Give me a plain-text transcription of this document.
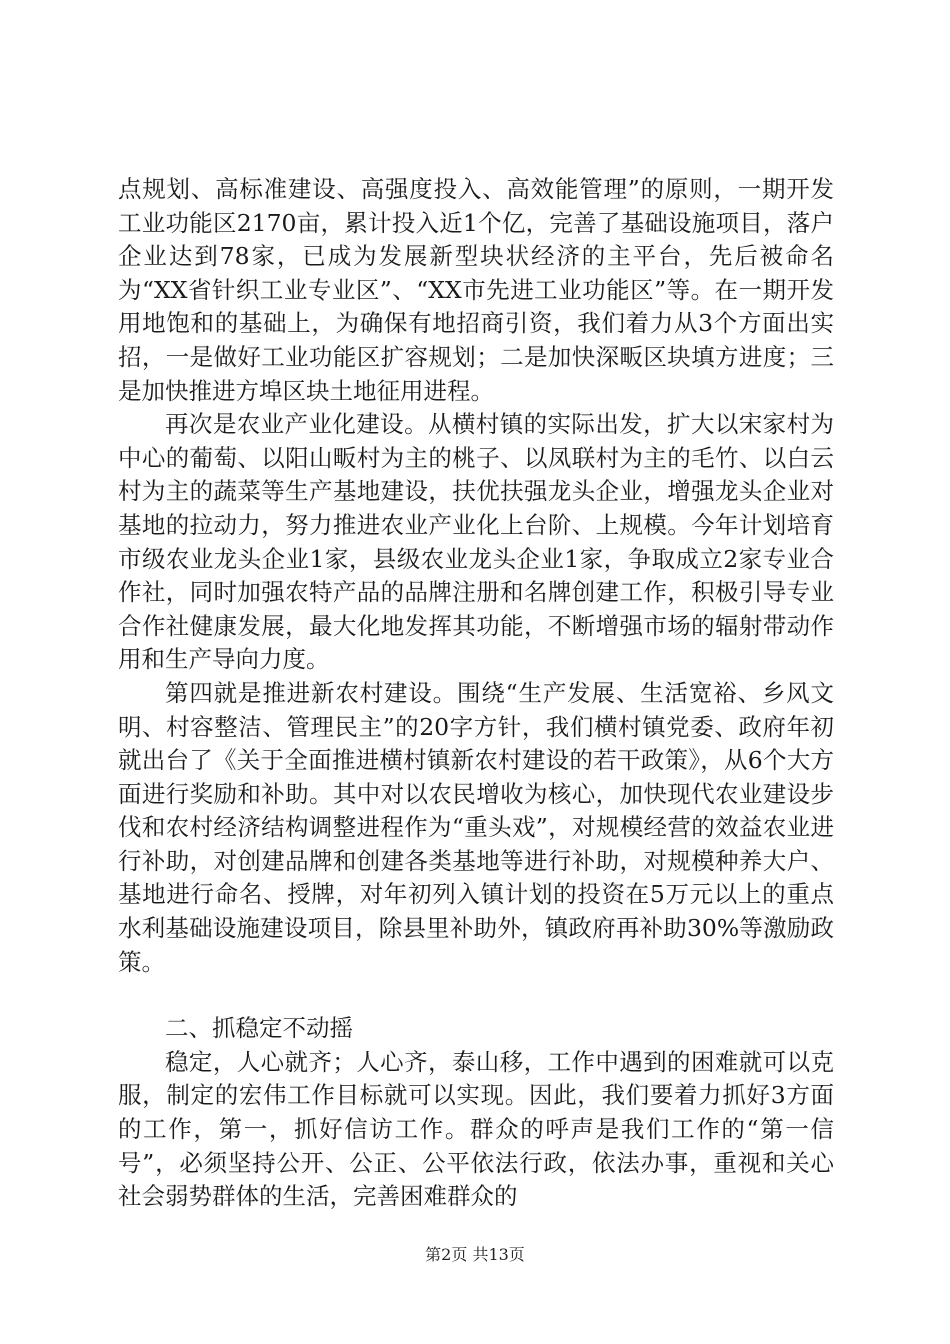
点规划、高标准建设、高强度投入、高效能管理”的原则，一期开发工业功能区2170亩，累计投入近1个亿，完善了基础设施项目，落户企业达到78家，已成为发展新型块状经济的主平台，先后被命名为“XX省针织工业专业区”、“XX市先进工业功能区”等。在一期开发用地饱和的基础上，为确保有地招商引资，我们着力从3个方面出实招，一是做好工业功能区扩容规划；二是加快深畈区块填方进度；三是加快推进方埠区块土地征用进程。

再次是农业产业化建设。从横村镇的实际出发，扩大以宋家村为中心的葡萄、以阳山畈村为主的桃子、以凤联村为主的毛竹、以白云村为主的蔬菜等生产基地建设，扶优扶强龙头企业，增强龙头企业对基地的拉动力，努力推进农业产业化上台阶、上规模。今年计划培育市级农业龙头企业1家，县级农业龙头企业1家，争取成立2家专业合作社，同时加强农特产品的品牌注册和名牌创建工作，积极引导专业合作社健康发展，最大化地发挥其功能，不断增强市场的辐射带动作用和生产导向力度。

第四就是推进新农村建设。围绕“生产发展、生活宽裕、乡风文明、村容整洁、管理民主”的20字方针，我们横村镇党委、政府年初就出台了《关于全面推进横村镇新农村建设的若干政策》，从6个大方面进行奖励和补助。其中对以农民增收为核心，加快现代农业建设步伐和农村经济结构调整进程作为“重头戏”，对规模经营的效益农业进行补助，对创建品牌和创建各类基地等进行补助，对规模种养大户、基地进行命名、授牌，对年初列入镇计划的投资在5万元以上的重点水利基础设施建设项目，除县里补助外，镇政府再补助30%等激励政策。

二、抓稳定不动摇

稳定，人心就齐；人心齐，泰山移，工作中遇到的困难就可以克服，制定的宏伟工作目标就可以实现。因此，我们要着力抓好3方面的工作，第一，抓好信访工作。群众的呼声是我们工作的“第一信号”，必须坚持公开、公正、公平依法行政，依法办事，重视和关心社会弱势群体的生活，完善困难群众的

第2页 共13页
